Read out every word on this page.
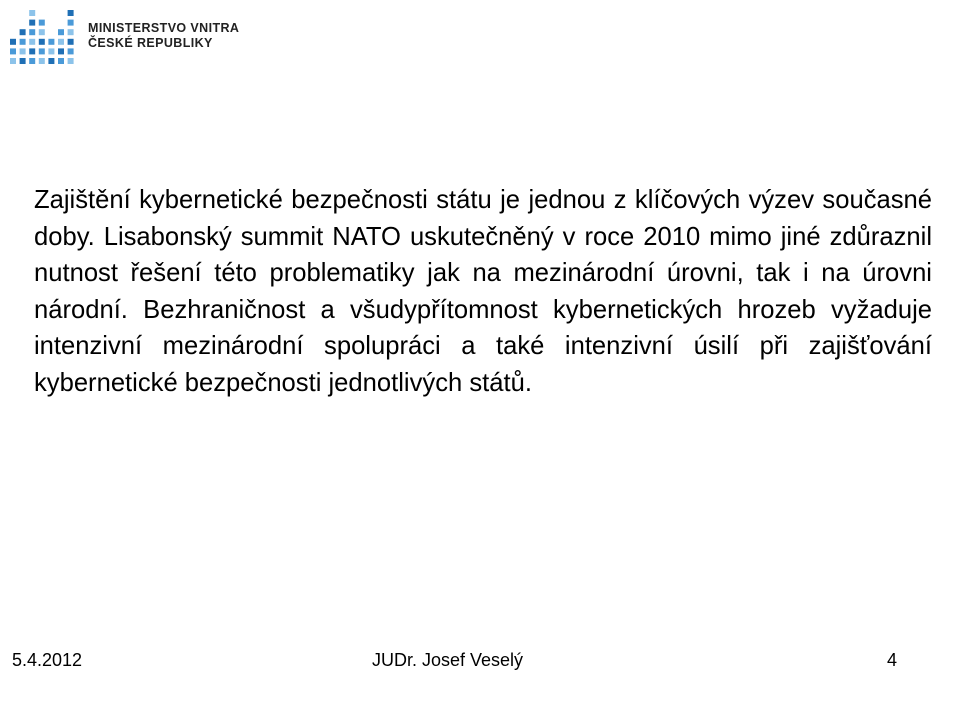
MINISTERSTVO VNITRA
ČESKÉ REPUBLIKY

Zajištění kybernetické bezpečnosti státu je jednou z klíčových výzev současné doby. Lisabonský summit NATO uskutečněný v roce 2010 mimo jiné zdůraznil nutnost řešení této problematiky jak na mezinárodní úrovni, tak i na úrovni národní. Bezhraničnost a všudypřítomnost kybernetických hrozeb vyžaduje intenzivní mezinárodní spolupráci a také intenzivní úsilí při zajišťování kybernetické bezpečnosti jednotlivých států.

5.4.2012	JUDr. Josef Veselý	4
